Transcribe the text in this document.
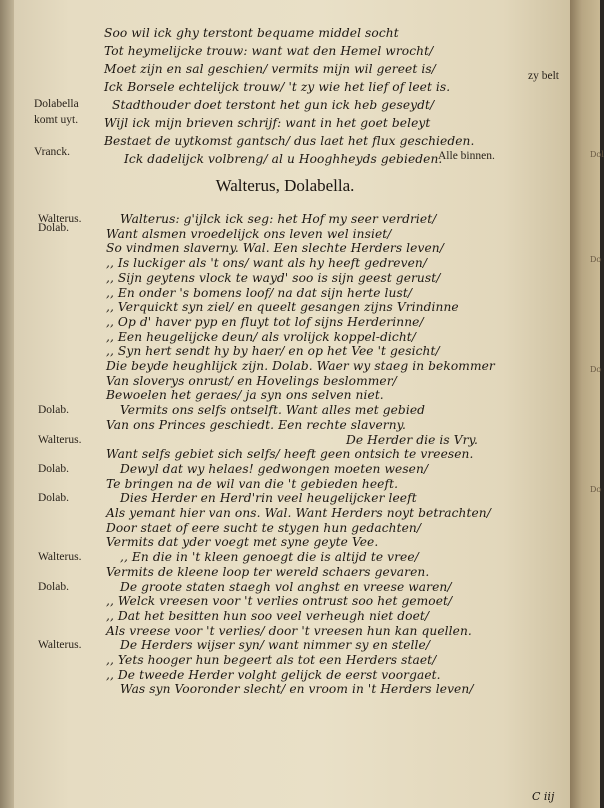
Dol
Do
Do
Do
Soo wil ick ghy terstont bequame middel socht
Tot heymelijcke trouw: want wat den Hemel wrocht/
Moet zijn en sal geschien/ vermits mijn wil gereet is/
Ick Borsele echtelijck trouw/ 't zy wie het lief of leet is.
zy belt
Dolabella
komt uyt.
Stadthouder doet terstont het gun ick heb geseydt/
Wijl ick mijn brieven schrijf: want in het goet beleyt
Bestaet de uytkomst gantsch/ dus laet het flux geschieden.
Vranck.	Ick dadelijck volbreng/ al u Hooghheyds gebieden.
Alle binnen.
Walterus, Dolabella.
Dolab.
Walterus: g'ijlck ick seg: het Hof my seer verdriet/
Want alsmen vroedelijck ons leven wel insiet/
So vindmen slaverny. Wal. Een slechte Herders leven/
,, Is luckiger als 't ons/ want als hy heeft gedreven/
,, Sijn geytens vlock te wayd' soo is sijn geest gerust/
,, En onder 's bomens loof/ na dat sijn herte lust/
,, Verquickt syn ziel/ en queelt gesangen zijns Vrindinne
,, Op d' haver pyp en fluyt tot lof sijns Herderinne/
,, Een heugelijcke deun/ als vrolijck koppel-dicht/
,, Syn hert sendt hy by haer/ en op het Vee 't gesicht/
Die beyde heughlijck zijn. Dolab. Waer wy staeg in bekommer
Van sloverys onrust/ en Hovelings beslommer/
Bewoelen het geraes/ ja syn ons selven niet.
Walterus.
Vermits ons selfs ontselft. Want alles met gebied
Van ons Princes geschiedt. Een rechte slaverny.
Dolab.
De Herder die is Vry.
Want selfs gebiet sich selfs/ heeft geen ontsich te vreesen.
Walterus.
Dewyl dat wy helaes! gedwongen moeten wesen/
Te bringen na de wil van die 't gebieden heeft.
Dolab.
Dies Herder en Herd'rin veel heugelijcker leeft
Als yemant hier van ons. Wal. Want Herders noyt betrachten/
Door staet of eere sucht te stygen hun gedachten/
Vermits dat yder voegt met syne geyte Vee.
Dolab.
,, En die in 't kleen genoegt die is altijd te vree/
Vermits de kleene loop ter wereld schaers gevaren.
Walterus.
De groote staten staegh vol anghst en vreese waren/
,, Welck vreesen voor 't verlies ontrust soo het gemoet/
,, Dat het besitten hun soo veel verheugh niet doet/
Als vreese voor 't verlies/ door 't vreesen hun kan quellen.
Dolab.
De Herders wijser syn/ want nimmer sy en stelle/
,, Yets hooger hun begeert als tot een Herders staet/
,, De tweede Herder volght gelijck de eerst voorgaet.
Walterus.
Was syn Vooronder slecht/ en vroom in 't Herders leven/
C iij
